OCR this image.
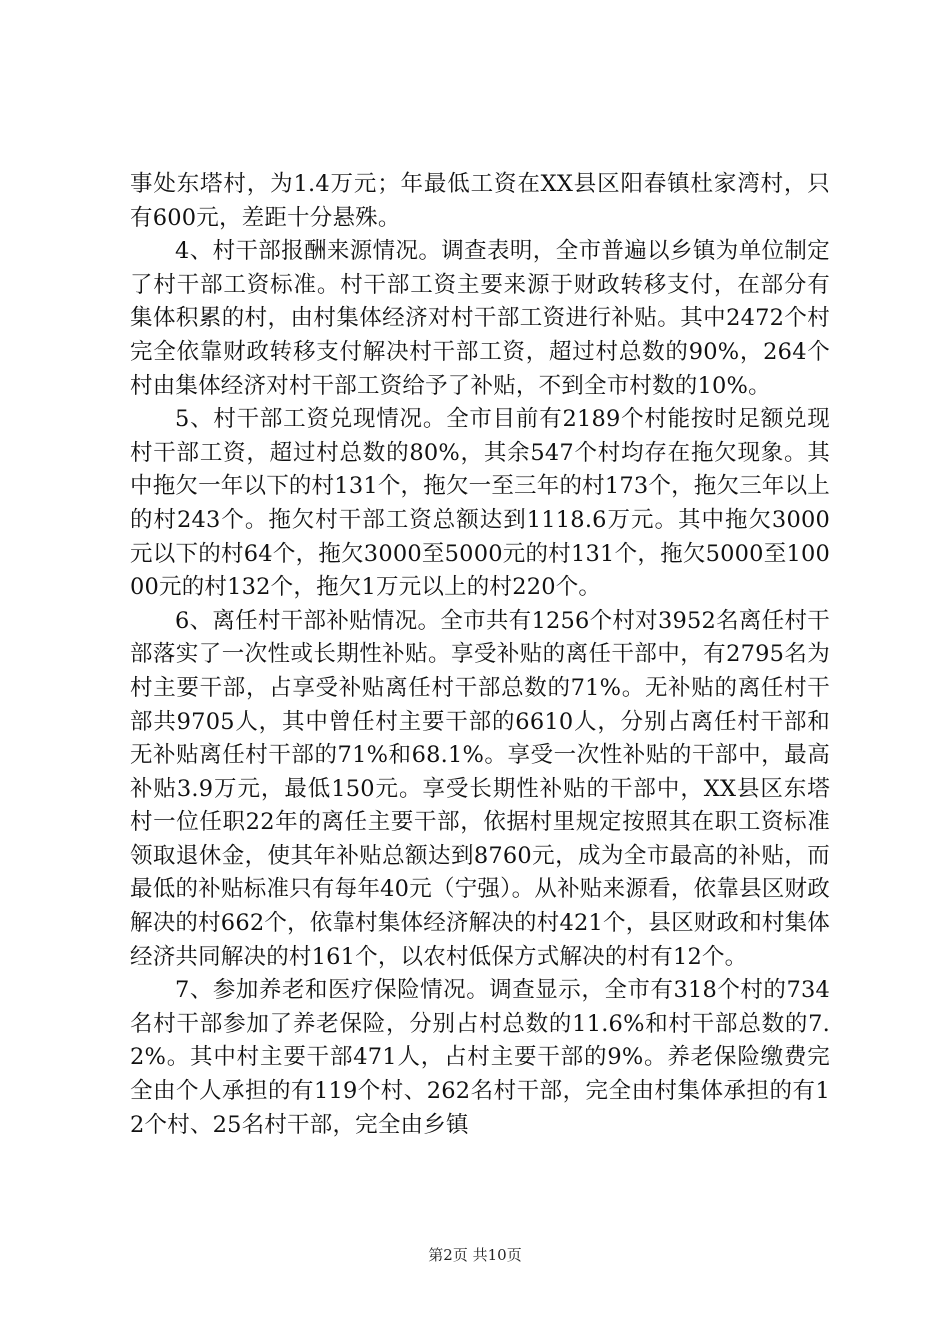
事处东塔村，为1.4万元；年最低工资在XX县区阳春镇杜家湾村，只有600元，差距十分悬殊。

4、村干部报酬来源情况。调查表明，全市普遍以乡镇为单位制定了村干部工资标准。村干部工资主要来源于财政转移支付，在部分有集体积累的村，由村集体经济对村干部工资进行补贴。其中2472个村完全依靠财政转移支付解决村干部工资，超过村总数的90%，264个村由集体经济对村干部工资给予了补贴，不到全市村数的10%。

5、村干部工资兑现情况。全市目前有2189个村能按时足额兑现村干部工资，超过村总数的80%，其余547个村均存在拖欠现象。其中拖欠一年以下的村131个，拖欠一至三年的村173个，拖欠三年以上的村243个。拖欠村干部工资总额达到1118.6万元。其中拖欠3000元以下的村64个，拖欠3000至5000元的村131个，拖欠5000至10000元的村132个，拖欠1万元以上的村220个。

6、离任村干部补贴情况。全市共有1256个村对3952名离任村干部落实了一次性或长期性补贴。享受补贴的离任干部中，有2795名为村主要干部，占享受补贴离任村干部总数的71%。无补贴的离任村干部共9705人，其中曾任村主要干部的6610人，分别占离任村干部和无补贴离任村干部的71%和68.1%。享受一次性补贴的干部中，最高补贴3.9万元，最低150元。享受长期性补贴的干部中，XX县区东塔村一位任职22年的离任主要干部，依据村里规定按照其在职工资标准领取退休金，使其年补贴总额达到8760元，成为全市最高的补贴，而最低的补贴标准只有每年40元（宁强）。从补贴来源看，依靠县区财政解决的村662个，依靠村集体经济解决的村421个，县区财政和村集体经济共同解决的村161个，以农村低保方式解决的村有12个。

7、参加养老和医疗保险情况。调查显示，全市有318个村的734名村干部参加了养老保险，分别占村总数的11.6%和村干部总数的7.2%。其中村主要干部471人，占村主要干部的9%。养老保险缴费完全由个人承担的有119个村、262名村干部，完全由村集体承担的有12个村、25名村干部，完全由乡镇

第2页 共10页
